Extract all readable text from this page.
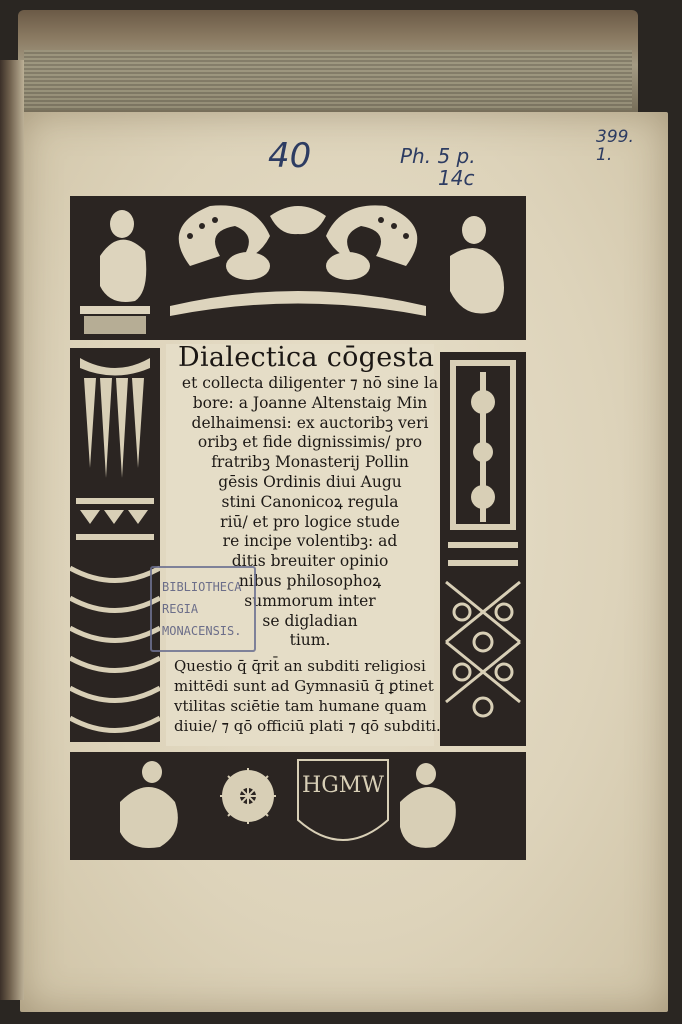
40	Ph. 5 p.
14c
399.
1.
HGMW
Dialectica cōgesta
et collecta diligenter ⁊ nō sine la
bore: a Joanne Altenstaig Min
delhaimensi: ex auctoribꝫ veri
oribꝫ et fide dignissimis/ pro
fratribꝫ Monasterij Pollin
gēsis Ordinis diui Augu
stini Canonicoꝝ regula
riū/ et pro logice stude
re incipe volentibꝫ: ad
ditis breuiter opinio
nibus philosophoꝝ
summorum inter
se digladian
tium.
Questio q̄ q̄rit̄ an subditi religiosi
mittēdi sunt ad Gymnasiū q̄ ꝑtinet
vtilitas sciētie tam humane quam
diuie/ ⁊ qō officiū plati ⁊ qō subditi.
BIBLIOTHECA
REGIA
MONACENSIS.
